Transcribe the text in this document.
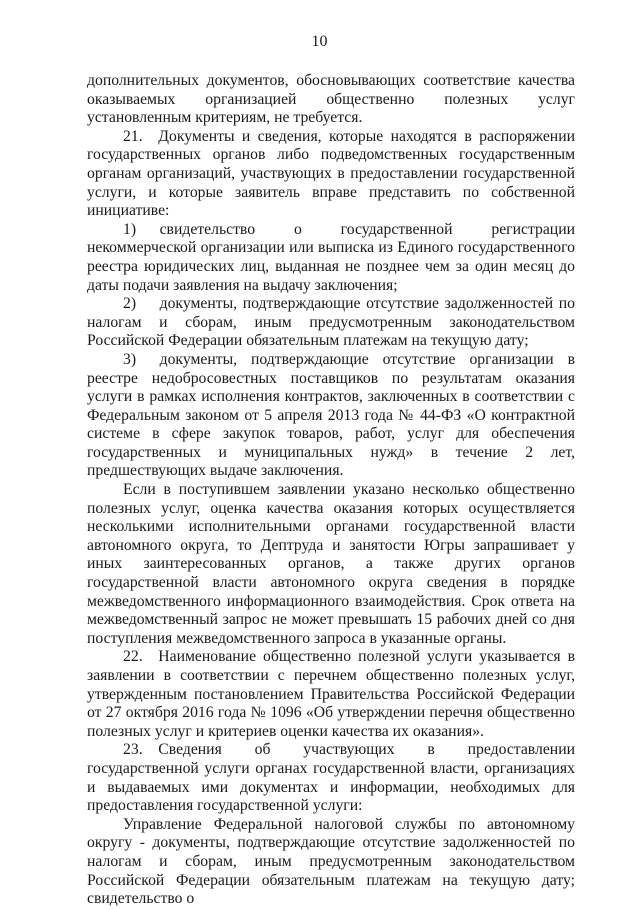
10

дополнительных документов, обосновывающих соответствие качества оказываемых организацией общественно полезных услуг установленным критериям, не требуется.

21. Документы и сведения, которые находятся в распоряжении государственных органов либо подведомственных государственным органам организаций, участвующих в предоставлении государственной услуги, и которые заявитель вправе представить по собственной инициативе:

1)  свидетельство о государственной регистрации некоммерческой организации или выписка из Единого государственного реестра юридических лиц, выданная не позднее чем за один месяц до даты подачи заявления на выдачу заключения;

2)  документы, подтверждающие отсутствие задолженностей по налогам и сборам, иным предусмотренным законодательством Российской Федерации обязательным платежам на текущую дату;

3)  документы, подтверждающие отсутствие организации в реестре недобросовестных поставщиков по результатам оказания услуги в рамках исполнения контрактов, заключенных в соответствии с Федеральным законом от 5 апреля 2013 года № 44-ФЗ «О контрактной системе в сфере закупок товаров, работ, услуг для обеспечения государственных и муниципальных нужд» в течение 2 лет, предшествующих выдаче заключения.

Если в поступившем заявлении указано несколько общественно полезных услуг, оценка качества оказания которых осуществляется несколькими исполнительными органами государственной власти автономного округа, то Дептруда и занятости Югры запрашивает у иных заинтересованных органов, а также других органов государственной власти автономного округа сведения в порядке межведомственного информационного взаимодействия. Срок ответа на межведомственный запрос не может превышать 15 рабочих дней со дня поступления межведомственного запроса в указанные органы.

22. Наименование общественно полезной услуги указывается в заявлении в соответствии с перечнем общественно полезных услуг, утвержденным постановлением Правительства Российской Федерации от 27 октября 2016 года № 1096 «Об утверждении перечня общественно полезных услуг и критериев оценки качества их оказания».

23. Сведения об участвующих в предоставлении государственной услуги органах государственной власти, организациях и выдаваемых ими документах и информации, необходимых для предоставления государственной услуги:

Управление Федеральной налоговой службы по автономному округу - документы, подтверждающие отсутствие задолженностей по налогам и сборам, иным предусмотренным законодательством Российской Федерации обязательным платежам на текущую дату; свидетельство о
